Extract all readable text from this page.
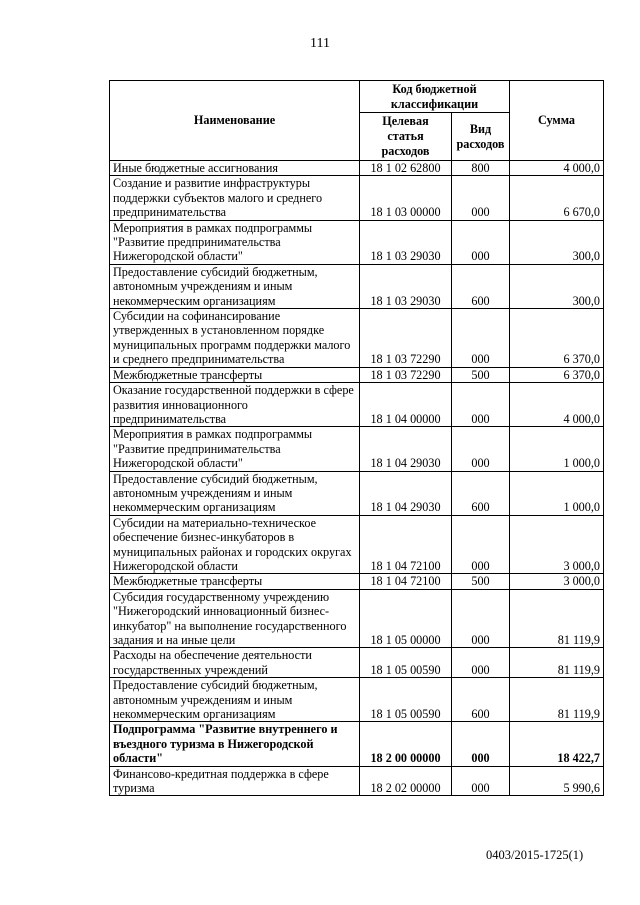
111
Наименование	Код бюджетной классификации		Сумма
	Целевая статья расходов	Вид расходов	
Иные бюджетные ассигнования	18 1 02 62800	800	4 000,0
Создание и развитие инфраструктуры поддержки субъектов малого и среднего предпринимательства	18 1 03 00000	000	6 670,0
Мероприятия в рамках подпрограммы "Развитие предпринимательства Нижегородской области"	18 1 03 29030	000	300,0
Предоставление субсидий бюджетным, автономным учреждениям и иным некоммерческим организациям	18 1 03 29030	600	300,0
Субсидии на софинансирование утвержденных в установленном порядке муниципальных программ поддержки малого и среднего предпринимательства	18 1 03 72290	000	6 370,0
Межбюджетные трансферты	18 1 03 72290	500	6 370,0
Оказание государственной поддержки в сфере развития инновационного предпринимательства	18 1 04 00000	000	4 000,0
Мероприятия в рамках подпрограммы "Развитие предпринимательства Нижегородской области"	18 1 04 29030	000	1 000,0
Предоставление субсидий бюджетным, автономным учреждениям и иным некоммерческим организациям	18 1 04 29030	600	1 000,0
Субсидии на материально-техническое обеспечение бизнес-инкубаторов в муниципальных районах и городских округах Нижегородской области	18 1 04 72100	000	3 000,0
Межбюджетные трансферты	18 1 04 72100	500	3 000,0
Субсидия государственному учреждению "Нижегородский инновационный бизнес-инкубатор" на выполнение государственного задания и на иные цели	18 1 05 00000	000	81 119,9
Расходы на обеспечение деятельности государственных учреждений	18 1 05 00590	000	81 119,9
Предоставление субсидий бюджетным, автономным учреждениям и иным некоммерческим организациям	18 1 05 00590	600	81 119,9
Подпрограмма "Развитие внутреннего и въездного туризма в Нижегородской области"	18 2 00 00000	000	18 422,7
Финансово-кредитная поддержка в сфере туризма	18 2 02 00000	000	5 990,6
0403/2015-1725(1)
